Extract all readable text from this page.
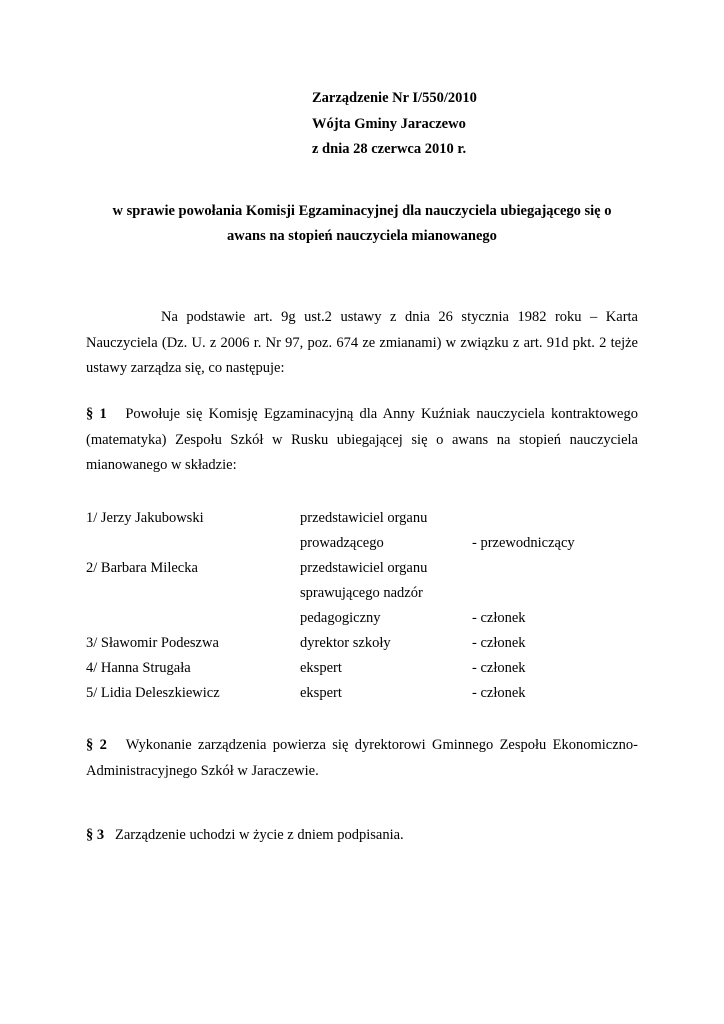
Zarządzenie Nr I/550/2010
Wójta Gminy Jaraczewo
z dnia 28 czerwca 2010 r.
w sprawie powołania Komisji Egzaminacyjnej dla nauczyciela ubiegającego się o
awans na stopień nauczyciela mianowanego
Na podstawie art. 9g ust.2 ustawy z dnia 26 stycznia 1982 roku – Karta Nauczyciela (Dz. U. z 2006 r. Nr 97, poz. 674 ze zmianami) w związku z art. 91d pkt. 2 tejże ustawy zarządza się, co następuje:
§ 1 Powołuje się Komisję Egzaminacyjną dla Anny Kuźniak nauczyciela kontraktowego (matematyka) Zespołu Szkół w Rusku ubiegającej się o awans na stopień nauczyciela mianowanego w składzie:
1/ Jerzy Jakubowski	przedstawiciel organu
prowadzącego	- przewodniczący
2/ Barbara Milecka	przedstawiciel organu
sprawującego nadzór
pedagogiczny	- członek
3/ Sławomir Podeszwa	dyrektor szkoły	- członek
4/ Hanna Strugała	ekspert	- członek
5/ Lidia Deleszkiewicz	ekspert	- członek
§ 2 Wykonanie zarządzenia powierza się dyrektorowi Gminnego Zespołu Ekonomiczno-Administracyjnego Szkół w Jaraczewie.
§ 3 Zarządzenie uchodzi w życie z dniem podpisania.
